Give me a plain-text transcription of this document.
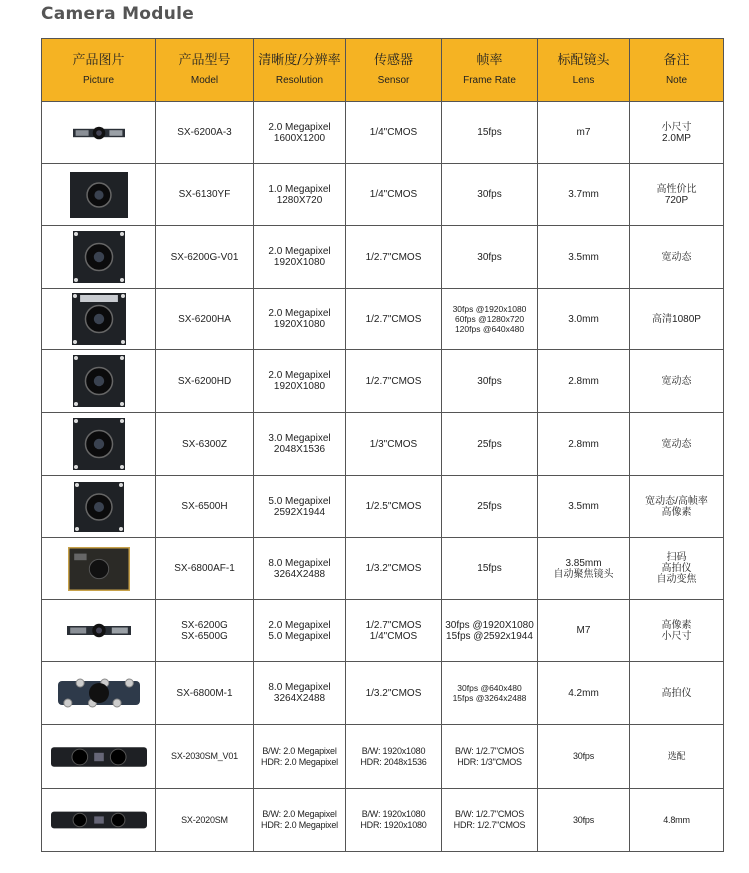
Camera Module
产品图片
Picture	产品型号
Model	清晰度/分辨率
Resolution	传感器
Sensor	帧率
Frame Rate	标配镜头
Lens	备注
Note

SX-6200A-3	2.0 Megapixel
1600X1200	1/4"CMOS	15fps	m7	小尺寸
2.0MP

SX-6130YF	1.0 Megapixel
1280X720	1/4"CMOS	30fps	3.7mm	高性价比
720P

SX-6200G-V01	2.0 Megapixel
1920X1080	1/2.7"CMOS	30fps	3.5mm	宽动态

SX-6200HA	2.0 Megapixel
1920X1080	1/2.7"CMOS	30fps @1920x1080
60fps @1280x720
120fps @640x480	3.0mm	高清1080P

SX-6200HD	2.0 Megapixel
1920X1080	1/2.7"CMOS	30fps	2.8mm	宽动态

SX-6300Z	3.0 Megapixel
2048X1536	1/3"CMOS	25fps	2.8mm	宽动态

SX-6500H	5.0 Megapixel
2592X1944	1/2.5"CMOS	25fps	3.5mm	宽动态/高帧率
高像素

SX-6800AF-1	8.0 Megapixel
3264X2488	1/3.2"CMOS	15fps	3.85mm
自动聚焦镜头	扫码
高拍仪
自动变焦

SX-6200G
SX-6500G	2.0 Megapixel
5.0 Megapixel	1/2.7"CMOS
1/4"CMOS	30fps @1920X1080
15fps @2592x1944	M7	高像素
小尺寸

SX-6800M-1	8.0 Megapixel
3264X2488	1/3.2"CMOS	30fps @640x480
15fps @3264x2488	4.2mm	高拍仪

SX-2030SM_V01	B/W: 2.0 Megapixel
HDR: 2.0 Megapixel	B/W: 1920x1080
HDR: 2048x1536	B/W: 1/2.7"CMOS
HDR: 1/3"CMOS	30fps	选配

SX-2020SM	B/W: 2.0 Megapixel
HDR: 2.0 Megapixel	B/W: 1920x1080
HDR: 1920x1080	B/W: 1/2.7"CMOS
HDR: 1/2.7"CMOS	30fps	4.8mm
